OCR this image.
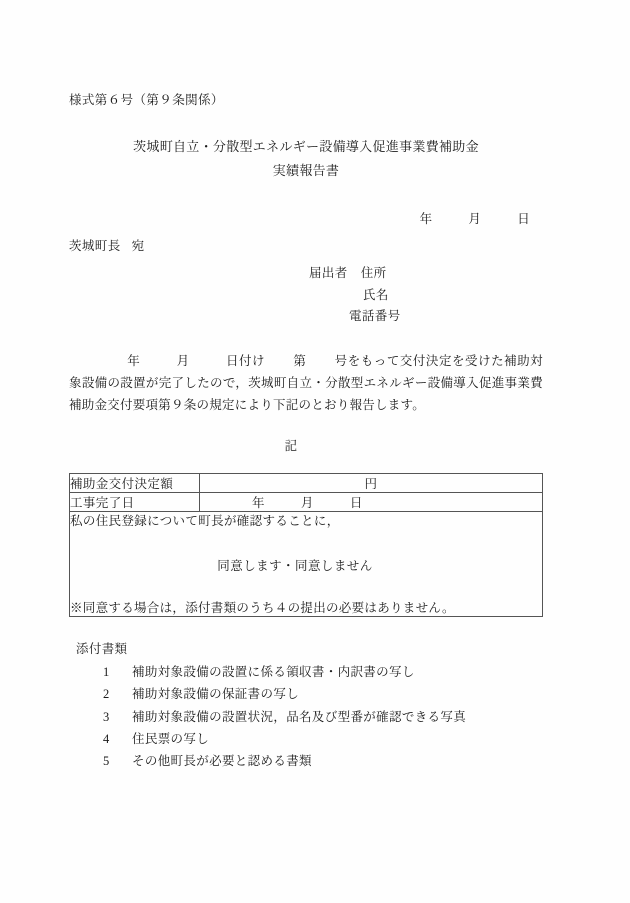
様式第６号（第９条関係）
茨城町自立・分散型エネルギー設備導入促進事業費補助金
実績報告書
年	月	日
茨城町長 宛
届出者 住所
氏名
電話番号
年	月	日付け 第 号をもって交付決定を受けた補助対象設備の設置が完了したので，茨城町自立・分散型エネルギー設備導入促進事業費補助金交付要項第９条の規定により下記のとおり報告します。
記
補助金交付決定額	円
工事完了日	年 月 日

私の住民登録について町長が確認することに，
同意します・同意しません
※同意する場合は，添付書類のうち４の提出の必要はありません。	
添付書類
1 補助対象設備の設置に係る領収書・内訳書の写し
2 補助対象設備の保証書の写し
3 補助対象設備の設置状況，品名及び型番が確認できる写真
4 住民票の写し
5 その他町長が必要と認める書類
